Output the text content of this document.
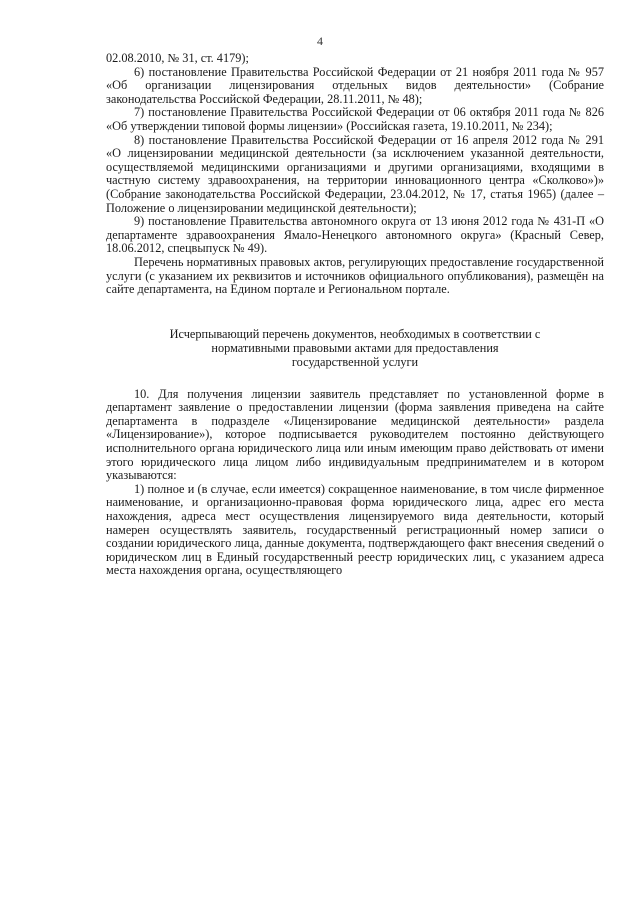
4

02.08.2010, № 31, ст. 4179);

6) постановление Правительства Российской Федерации от 21 ноября 2011 года № 957 «Об организации лицензирования отдельных видов деятельности» (Собрание законодательства Российской Федерации, 28.11.2011, № 48);

7) постановление Правительства Российской Федерации от 06 октября 2011 года № 826 «Об утверждении типовой формы лицензии» (Российская газета, 19.10.2011, № 234);

8) постановление Правительства Российской Федерации от 16 апреля 2012 года № 291 «О лицензировании медицинской деятельности (за исключением указанной деятельности, осуществляемой медицинскими организациями и другими организациями, входящими в частную систему здравоохранения, на территории инновационного центра «Сколково»)» (Собрание законодательства Российской Федерации, 23.04.2012, № 17, статья 1965) (далее – Положение о лицензировании медицинской деятельности);

9) постановление Правительства автономного округа от 13 июня 2012 года № 431-П «О департаменте здравоохранения Ямало-Ненецкого автономного округа» (Красный Север, 18.06.2012, спецвыпуск № 49).

Перечень нормативных правовых актов, регулирующих предоставление государственной услуги (с указанием их реквизитов и источников официального опубликования), размещён на сайте департамента, на Едином портале и Региональном портале.

Исчерпывающий перечень документов, необходимых в соответствии с
нормативными правовыми актами для предоставления
государственной услуги

10. Для получения лицензии заявитель представляет по установленной форме в департамент заявление о предоставлении лицензии (форма заявления приведена на сайте департамента в подразделе «Лицензирование медицинской деятельности» раздела «Лицензирование»), которое подписывается руководителем постоянно действующего исполнительного органа юридического лица или иным имеющим право действовать от имени этого юридического лица лицом либо индивидуальным предпринимателем и в котором указываются:

1) полное и (в случае, если имеется) сокращенное наименование, в том числе фирменное наименование, и организационно-правовая форма юридического лица, адрес его места нахождения, адреса мест осуществления лицензируемого вида деятельности, который намерен осуществлять заявитель, государственный регистрационный номер записи о создании юридического лица, данные документа, подтверждающего факт внесения сведений о юридическом лиц в Единый государственный реестр юридических лиц, с указанием адреса места нахождения органа, осуществляющего
